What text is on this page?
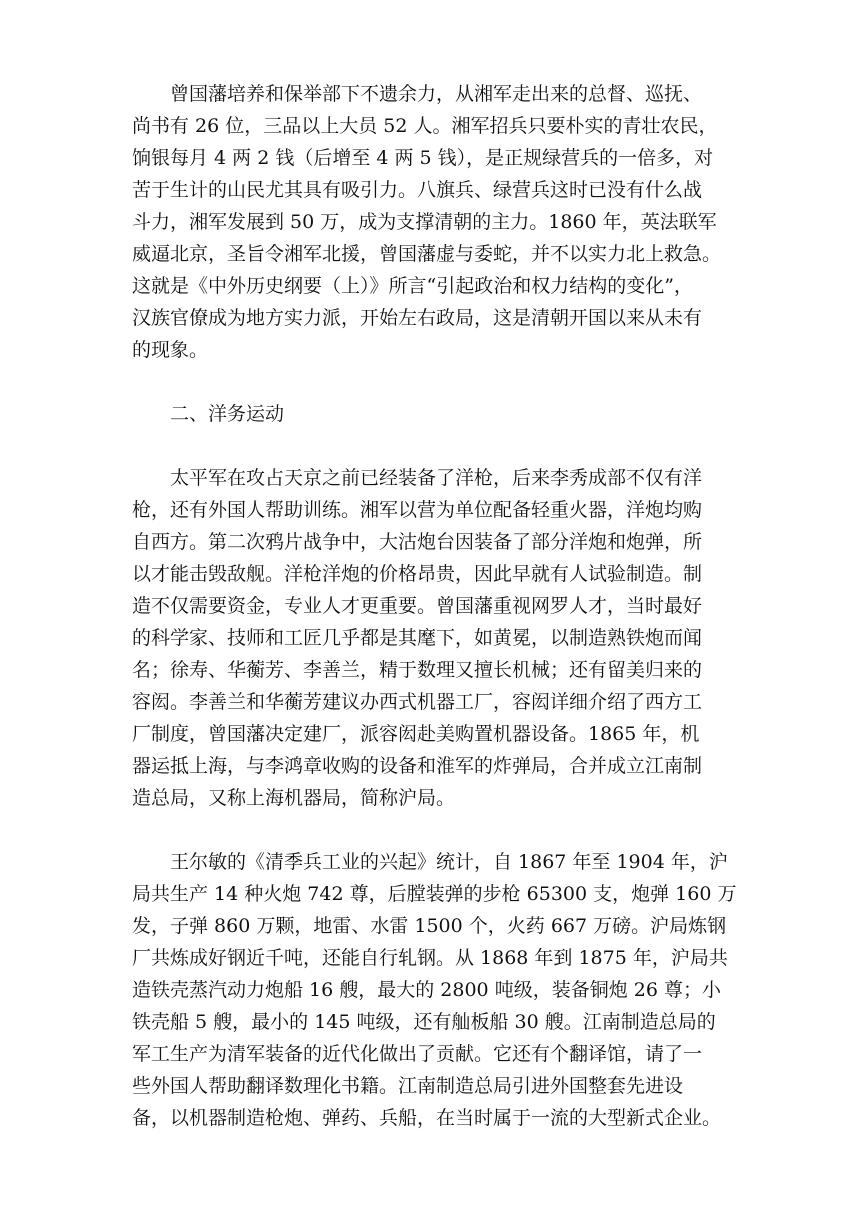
曾国藩培养和保举部下不遗余力，从湘军走出来的总督、巡抚、
尚书有 26 位，三品以上大员 52 人。湘军招兵只要朴实的青壮农民，
饷银每月 4 两 2 钱（后增至 4 两 5 钱），是正规绿营兵的一倍多，对
苦于生计的山民尤其具有吸引力。八旗兵、绿营兵这时已没有什么战
斗力，湘军发展到 50 万，成为支撑清朝的主力。1860 年，英法联军
威逼北京，圣旨令湘军北援，曾国藩虚与委蛇，并不以实力北上救急。
这就是《中外历史纲要（上）》所言“引起政治和权力结构的变化”，
汉族官僚成为地方实力派，开始左右政局，这是清朝开国以来从未有
的现象。
二、洋务运动
太平军在攻占天京之前已经装备了洋枪，后来李秀成部不仅有洋
枪，还有外国人帮助训练。湘军以营为单位配备轻重火器，洋炮均购
自西方。第二次鸦片战争中，大沽炮台因装备了部分洋炮和炮弹，所
以才能击毁敌舰。洋枪洋炮的价格昂贵，因此早就有人试验制造。制
造不仅需要资金，专业人才更重要。曾国藩重视网罗人才，当时最好
的科学家、技师和工匠几乎都是其麾下，如黄冕，以制造熟铁炮而闻
名；徐寿、华蘅芳、李善兰，精于数理又擅长机械；还有留美归来的
容闳。李善兰和华蘅芳建议办西式机器工厂，容闳详细介绍了西方工
厂制度，曾国藩决定建厂，派容闳赴美购置机器设备。1865 年，机
器运抵上海，与李鸿章收购的设备和淮军的炸弹局，合并成立江南制
造总局，又称上海机器局，简称沪局。
王尔敏的《清季兵工业的兴起》统计，自 1867 年至 1904 年，沪
局共生产 14 种火炮 742 尊，后膛装弹的步枪 65300 支，炮弹 160 万
发，子弹 860 万颗，地雷、水雷 1500 个，火药 667 万磅。沪局炼钢
厂共炼成好钢近千吨，还能自行轧钢。从 1868 年到 1875 年，沪局共
造铁壳蒸汽动力炮船 16 艘，最大的 2800 吨级，装备铜炮 26 尊；小
铁壳船 5 艘，最小的 145 吨级，还有舢板船 30 艘。江南制造总局的
军工生产为清军装备的近代化做出了贡献。它还有个翻译馆，请了一
些外国人帮助翻译数理化书籍。江南制造总局引进外国整套先进设
备，以机器制造枪炮、弹药、兵船，在当时属于一流的大型新式企业。
